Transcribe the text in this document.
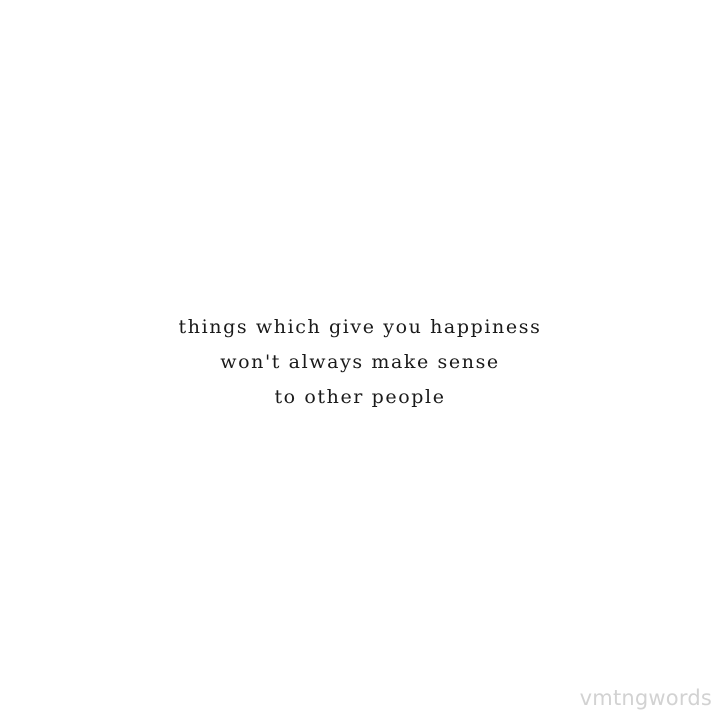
things which give you happiness
won't always make sense
to other people
vmtngwords
